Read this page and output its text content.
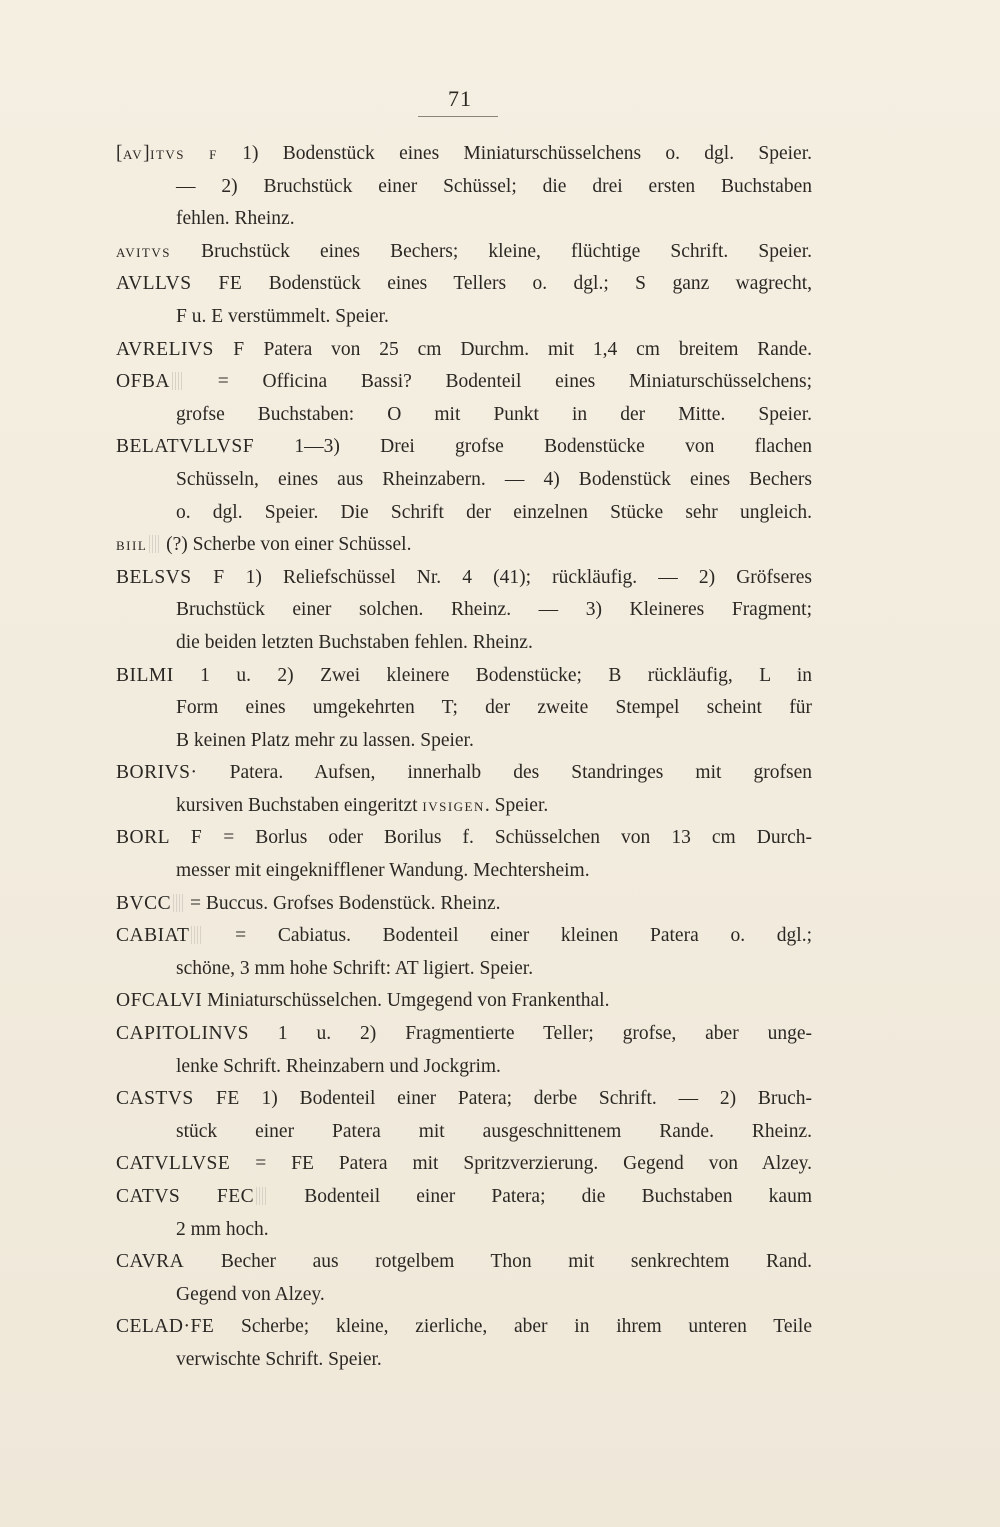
71
[AV]ITVS F 1) Bodenstück eines Miniaturschüsselchens o. dgl. Speier.
— 2) Bruchstück einer Schüssel; die drei ersten Buchstaben
fehlen. Rheinz.
AVITVS Bruchstück eines Bechers; kleine, flüchtige Schrift. Speier.
AVLLVS FE Bodenstück eines Tellers o. dgl.; S ganz wagrecht,
F u. E verstümmelt. Speier.
AVRELIVS F Patera von 25 cm Durchm. mit 1,4 cm breitem Rande.
OFBA = Officina Bassi? Bodenteil eines Miniaturschüsselchens;
grofse Buchstaben: O mit Punkt in der Mitte. Speier.
BELATVLLVSF 1—3) Drei grofse Bodenstücke von flachen
Schüsseln, eines aus Rheinzabern. — 4) Bodenstück eines Bechers
o. dgl. Speier. Die Schrift der einzelnen Stücke sehr ungleich.
BIIL (?) Scherbe von einer Schüssel.
BELSVS F 1) Reliefschüssel Nr. 4 (41); rückläufig. — 2) Gröfseres
Bruchstück einer solchen. Rheinz. — 3) Kleineres Fragment;
die beiden letzten Buchstaben fehlen. Rheinz.
BILMI 1 u. 2) Zwei kleinere Bodenstücke; B rückläufig, L in
Form eines umgekehrten T; der zweite Stempel scheint für
B keinen Platz mehr zu lassen. Speier.
BORIVS· Patera. Aufsen, innerhalb des Standringes mit grofsen
kursiven Buchstaben eingeritzt IVSIGEN. Speier.
BORL F = Borlus oder Borilus f. Schüsselchen von 13 cm Durch-
messer mit eingeknifflener Wandung. Mechtersheim.
BVCC = Buccus. Grofses Bodenstück. Rheinz.
CABIAT = Cabiatus. Bodenteil einer kleinen Patera o. dgl.;
schöne, 3 mm hohe Schrift: AT ligiert. Speier.
OFCALVI Miniaturschüsselchen. Umgegend von Frankenthal.
CAPITOLINVS 1 u. 2) Fragmentierte Teller; grofse, aber unge-
lenke Schrift. Rheinzabern und Jockgrim.
CASTVS FE 1) Bodenteil einer Patera; derbe Schrift. — 2) Bruch-
stück einer Patera mit ausgeschnittenem Rande. Rheinz.
CATVLLVSE = FE Patera mit Spritzverzierung. Gegend von Alzey.
CATVS FEC Bodenteil einer Patera; die Buchstaben kaum
2 mm hoch.
CAVRA Becher aus rotgelbem Thon mit senkrechtem Rand.
Gegend von Alzey.
CELAD·FE Scherbe; kleine, zierliche, aber in ihrem unteren Teile
verwischte Schrift. Speier.
